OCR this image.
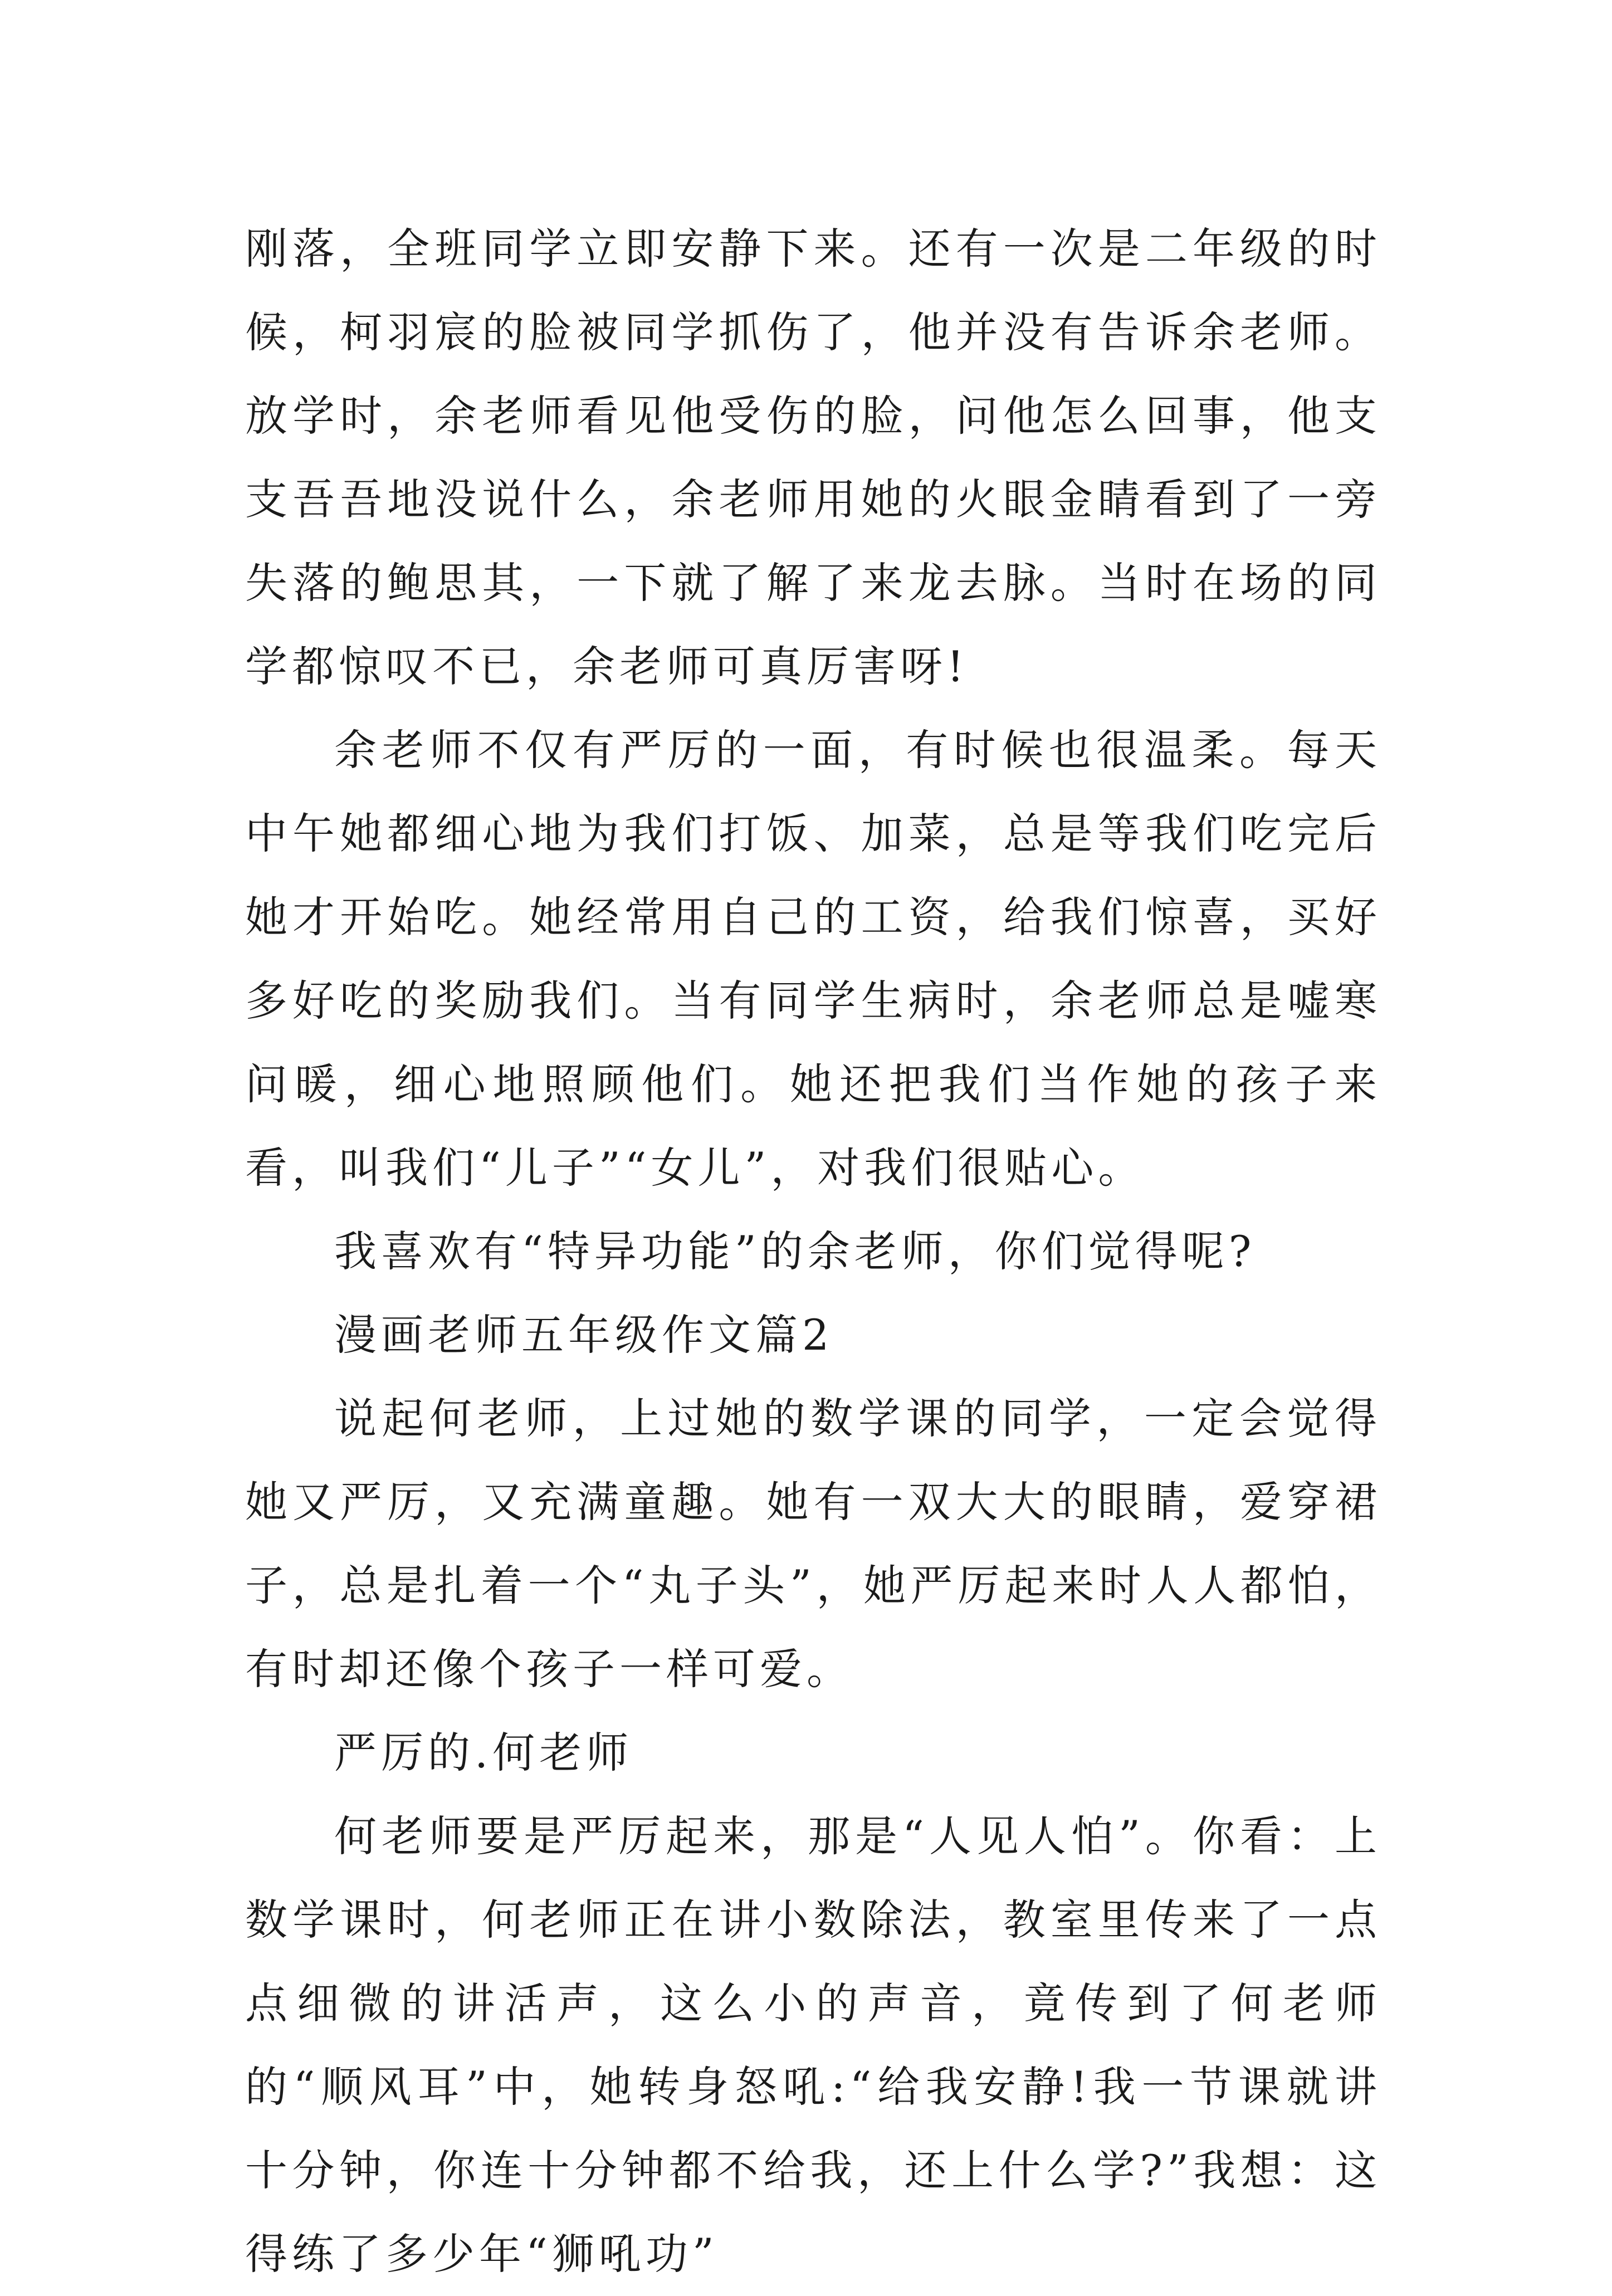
刚落，全班同学立即安静下来。还有一次是二年级的时候，柯羽宸的脸被同学抓伤了，他并没有告诉余老师。放学时，余老师看见他受伤的脸，问他怎么回事，他支支吾吾地没说什么，余老师用她的火眼金睛看到了一旁失落的鲍思其，一下就了解了来龙去脉。当时在场的同学都惊叹不已，余老师可真厉害呀!

余老师不仅有严厉的一面，有时候也很温柔。每天中午她都细心地为我们打饭、加菜，总是等我们吃完后她才开始吃。她经常用自己的工资，给我们惊喜，买好多好吃的奖励我们。当有同学生病时，余老师总是嘘寒问暖，细心地照顾他们。她还把我们当作她的孩子来看，叫我们“儿子”“女儿”，对我们很贴心。

我喜欢有“特异功能”的余老师，你们觉得呢?

漫画老师五年级作文篇2

说起何老师，上过她的数学课的同学，一定会觉得她又严厉，又充满童趣。她有一双大大的眼睛，爱穿裙子，总是扎着一个“丸子头”，她严厉起来时人人都怕，有时却还像个孩子一样可爱。

严厉的.何老师

何老师要是严厉起来，那是“人见人怕”。你看：上数学课时，何老师正在讲小数除法，教室里传来了一点点细微的讲活声，这么小的声音，竟传到了何老师的“顺风耳”中，她转身怒吼:“给我安静!我一节课就讲十分钟，你连十分钟都不给我，还上什么学?”我想：这得练了多少年“狮吼功”
